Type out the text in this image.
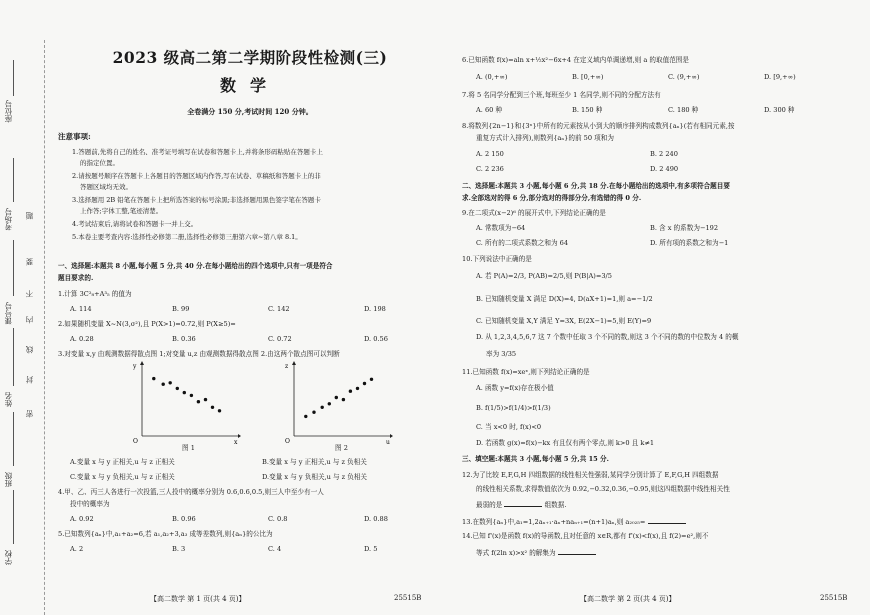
座位号
考场号
课号号
姓名
班级
学校
题
要
不
内
线
封
密
2023 级高二第二学期阶段性检测(三)
数学
全卷满分 150 分,考试时间 120 分钟。
注意事项:
1.答题前,先将自己的姓名、准考证号填写在试卷和答题卡上,并将条形码粘贴在答题卡上
的指定位置。
2.请按题号顺序在答题卡上各题目的答题区域内作答,写在试卷、草稿纸和答题卡上的非
答题区域均无效。
3.选择题用 2B 铅笔在答题卡上把所选答案的标号涂黑;非选择题用黑色签字笔在答题卡
上作答;字体工整,笔迹清楚。
4.考试结束后,请将试卷和答题卡一并上交。
5.本卷主要考查内容:选择性必修第二册,选择性必修第三册第六章~第八章 8.1。
一、选择题:本题共 8 小题,每小题 5 分,共 40 分.在每小题给出的四个选项中,只有一项是符合
题目要求的.
1.计算 3C²₈+A³₅ 的值为
A. 114	B. 99	C. 142	D. 198
2.如果随机变量 X~N(3,σ²),且 P(X>1)=0.72,则 P(X≥5)=
A. 0.28	B. 0.36	C. 0.72	D. 0.56
3.对变量 x,y 由观测数据得散点图 1;对变量 u,z 由观测数据得散点图 2.由这两个散点图可以判断
O	x
y
图 1
O	u
z
图 2
A.变量 x 与 y 正相关,u 与 z 正相关	B.变量 x 与 y 正相关,u 与 z 负相关
C.变量 x 与 y 负相关,u 与 z 正相关	D.变量 x 与 y 负相关,u 与 z 负相关
4.甲、乙、丙三人各进行一次投篮,三人投中的概率分别为 0.6,0.6,0.5,则三人中至少有一人
投中的概率为
A. 0.92	B. 0.96	C. 0.8	D. 0.88
5.已知数列{aₙ}中,a₁+a₂=6,若 a₁,a₂+3,a₃ 成等差数列,则{aₙ}的公比为
A. 2	B. 3	C. 4	D. 5
【高二数学 第 1 页(共 4 页)】	25515B
6.已知函数 f(x)=aln x+½x²−6x+4 在定义域内单调递增,则 a 的取值范围是
A. (0,+∞)	B. [0,+∞)	C. (9,+∞)	D. [9,+∞)
7.将 5 名同学分配到三个班,每班至少 1 名同学,则不同的分配方法有
A. 60 种	B. 150 种	C. 180 种	D. 300 种
8.将数列{2n−1}和{3ⁿ}中所有的元素按从小到大的顺序排列构成数列{aₙ}(若有相同元素,按
重复方式计入排列),则数列{aₙ}的前 50 项和为
A. 2 150	B. 2 240
C. 2 236	D. 2 490
二、选择题:本题共 3 小题,每小题 6 分,共 18 分.在每小题给出的选项中,有多项符合题目要
求.全部选对的得 6 分,部分选对的得部分分,有选错的得 0 分.
9.在二项式(x−2)⁶ 的展开式中,下列结论正确的是
A. 常数项为−64	B. 含 x 的系数为−192
C. 所有的二项式系数之和为 64	D. 所有项的系数之和为−1
10.下列说法中正确的是
A. 若 P(A)=2/3, P(AB)=2/5,则 P(B|A)=3/5
B. 已知随机变量 X 满足 D(X)=4, D(aX+1)=1,则 a=−1/2
C. 已知随机变量 X,Y 满足 Y=3X, E(2X−1)=5,则 E(Y)=9
D. 从 1,2,3,4,5,6,7 这 7 个数中任取 3 个不同的数,则这 3 个不同的数的中位数为 4 的概
率为 3/35
11.已知函数 f(x)=xeˣ,则下列结论正确的是
A. 函数 y=f(x)存在极小值
B. f(1/5)>f(1/4)>f(1/3)
C. 当 x<0 时, f(x)<0
D. 若函数 g(x)=f(x)−kx 有且仅有两个零点,则 k>0 且 k≠1
三、填空题:本题共 3 小题,每小题 5 分,共 15 分.
12.为了比较 E,F,G,H 四组数据的线性相关性强弱,某同学分别计算了 E,F,G,H 四组数据
的线性相关系数,求得数值依次为 0.92,−0.32,0.36,−0.95,则这四组数据中线性相关性
最弱的是	组数据.
13.在数列{aₙ}中,a₁=1,2aₙ₊₁·aₙ+naₙ₊₁=(n+1)aₙ,则 a₂₀₂₅=
14.已知 f'(x)是函数 f(x)的导函数,且对任意的 x∈R,都有 f'(x)<f(x),且 f(2)=e²,则不
等式 f(2ln x)>x² 的解集为
【高二数学 第 2 页(共 4 页)】	25515B
